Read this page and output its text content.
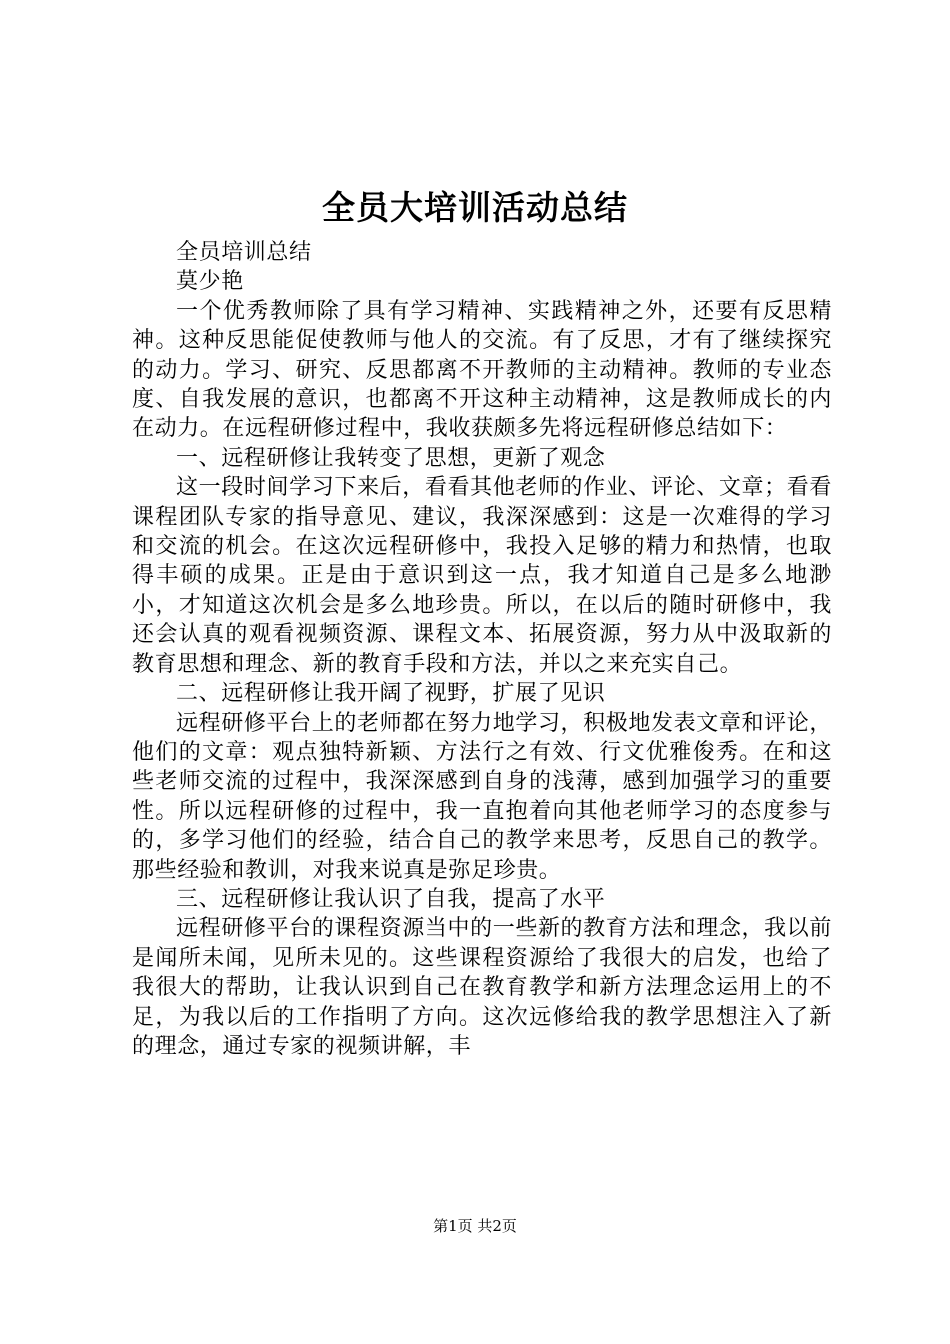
全员大培训活动总结

全员培训总结

莫少艳

一个优秀教师除了具有学习精神、实践精神之外，还要有反思精神。这种反思能促使教师与他人的交流。有了反思，才有了继续探究的动力。学习、研究、反思都离不开教师的主动精神。教师的专业态度、自我发展的意识，也都离不开这种主动精神，这是教师成长的内在动力。在远程研修过程中，我收获颇多先将远程研修总结如下：

一、远程研修让我转变了思想，更新了观念

这一段时间学习下来后，看看其他老师的作业、评论、文章；看看课程团队专家的指导意见、建议，我深深感到：这是一次难得的学习和交流的机会。在这次远程研修中，我投入足够的精力和热情，也取得丰硕的成果。正是由于意识到这一点，我才知道自己是多么地渺小，才知道这次机会是多么地珍贵。所以，在以后的随时研修中，我还会认真的观看视频资源、课程文本、拓展资源，努力从中汲取新的教育思想和理念、新的教育手段和方法，并以之来充实自己。

二、远程研修让我开阔了视野，扩展了见识

远程研修平台上的老师都在努力地学习，积极地发表文章和评论，他们的文章：观点独特新颖、方法行之有效、行文优雅俊秀。在和这些老师交流的过程中，我深深感到自身的浅薄，感到加强学习的重要性。所以远程研修的过程中，我一直抱着向其他老师学习的态度参与的，多学习他们的经验，结合自己的教学来思考，反思自己的教学。那些经验和教训，对我来说真是弥足珍贵。

三、远程研修让我认识了自我，提高了水平

远程研修平台的课程资源当中的一些新的教育方法和理念，我以前是闻所未闻，见所未见的。这些课程资源给了我很大的启发，也给了我很大的帮助，让我认识到自己在教育教学和新方法理念运用上的不足，为我以后的工作指明了方向。这次远修给我的教学思想注入了新的理念，通过专家的视频讲解，丰

第1页 共2页
